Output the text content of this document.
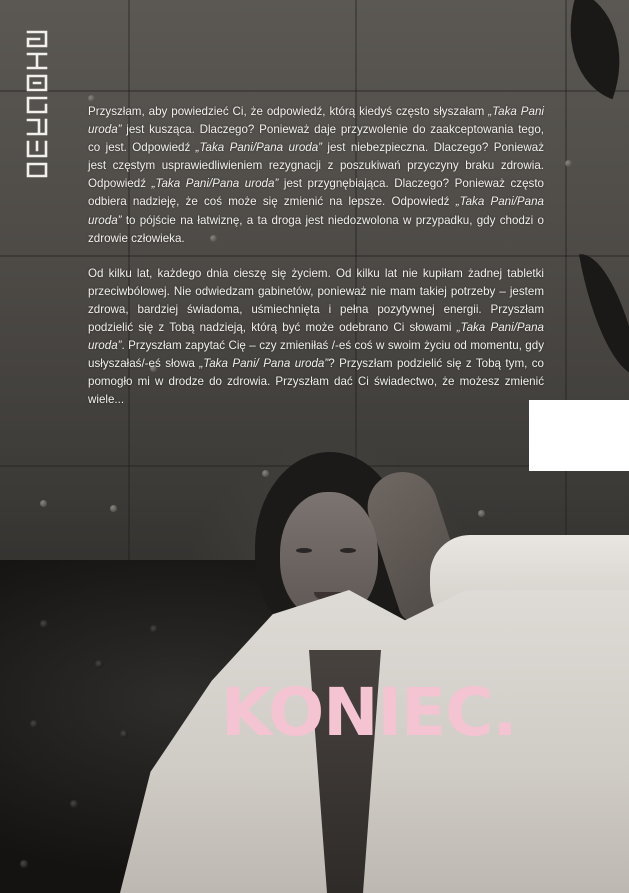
Przyszłam, aby powiedzieć Ci, że odpowiedź, którą kiedyś często słyszałam „Taka Pani uroda” jest kusząca. Dlaczego? Ponieważ daje przyzwolenie do zaakceptowania tego, co jest. Odpowiedź „Taka Pani/Pana uroda” jest niebezpieczna. Dlaczego? Ponieważ jest częstym usprawiedliwieniem rezygnacji z poszukiwań przyczyny braku zdrowia. Odpowiedź „Taka Pani/Pana uroda” jest przygnębiająca. Dlaczego? Ponieważ często odbiera nadzieję, że coś może się zmienić na lepsze. Odpowiedź „Taka Pani/Pana uroda” to pójście na łatwiznę, a ta droga jest niedozwolona w przypadku, gdy chodzi o zdrowie człowieka.

Od kilku lat, każdego dnia cieszę się życiem. Od kilku lat nie kupiłam żadnej tabletki przeciwbólowej. Nie odwiedzam gabinetów, ponieważ nie mam takiej potrzeby – jestem zdrowa, bardziej świadoma, uśmiechnięta i pełna pozytywnej energii. Przyszłam podzielić się z Tobą nadzieją, którą być może odebrano Ci słowami „Taka Pani/Pana uroda”. Przyszłam zapytać Cię – czy zmieniłaś /-eś coś w swoim życiu od momentu, gdy usłyszałaś/-eś słowa „Taka Pani/ Pana uroda”? Przyszłam podzielić się z Tobą tym, co pomogło mi w drodze do zdrowia. Przyszłam dać Ci świadectwo, że możesz zmienić wiele...

KONIEC.
